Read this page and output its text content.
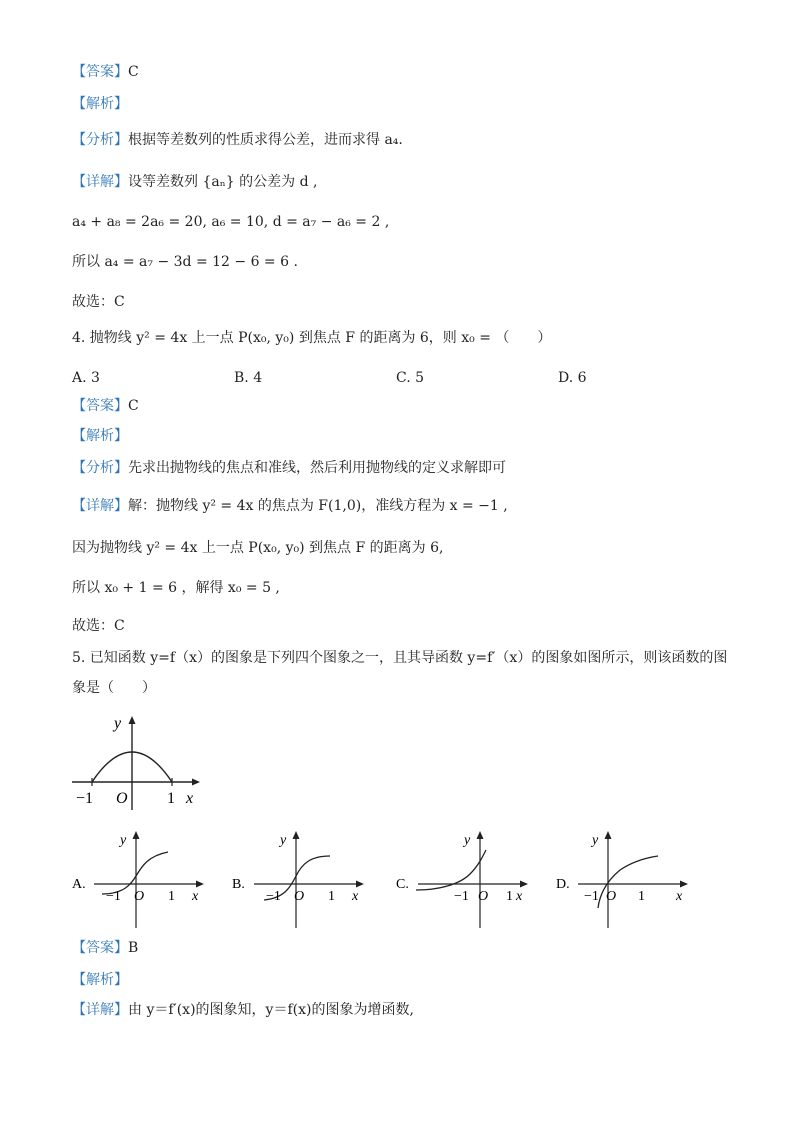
【答案】C
【解析】
【分析】根据等差数列的性质求得公差，进而求得 a₄.
【详解】设等差数列 {aₙ} 的公差为 d ,
a₄ + a₈ = 2a₆ = 20, a₆ = 10, d = a₇ − a₆ = 2 ,
所以 a₄ = a₇ − 3d = 12 − 6 = 6 .
故选：C
4. 抛物线 y² = 4x 上一点 P(x₀, y₀) 到焦点 F 的距离为 6，则 x₀ = （　　）
【答案】C
【解析】
【分析】先求出抛物线的焦点和准线，然后利用抛物线的定义求解即可
【详解】解：抛物线 y² = 4x 的焦点为 F(1,0)，准线方程为 x = −1 ,
因为抛物线 y² = 4x 上一点 P(x₀, y₀) 到焦点 F 的距离为 6,
所以 x₀ + 1 = 6 ，解得 x₀ = 5 ,
故选：C
5. 已知函数 y=f（x）的图象是下列四个图象之一，且其导函数 y=f′（x）的图象如图所示，则该函数的图
象是（　　）
【答案】B
【解析】
【详解】由 y＝f′(x)的图象知，y＝f(x)的图象为增函数,
A. 3	B. 4	C. 5	D. 6
y
x
O
−1	1
A.
y
x
O
−1	1
B.
y
x
O
−1	1
C.
y
x
O
−1	1
D.
y
x
O
−1	1
